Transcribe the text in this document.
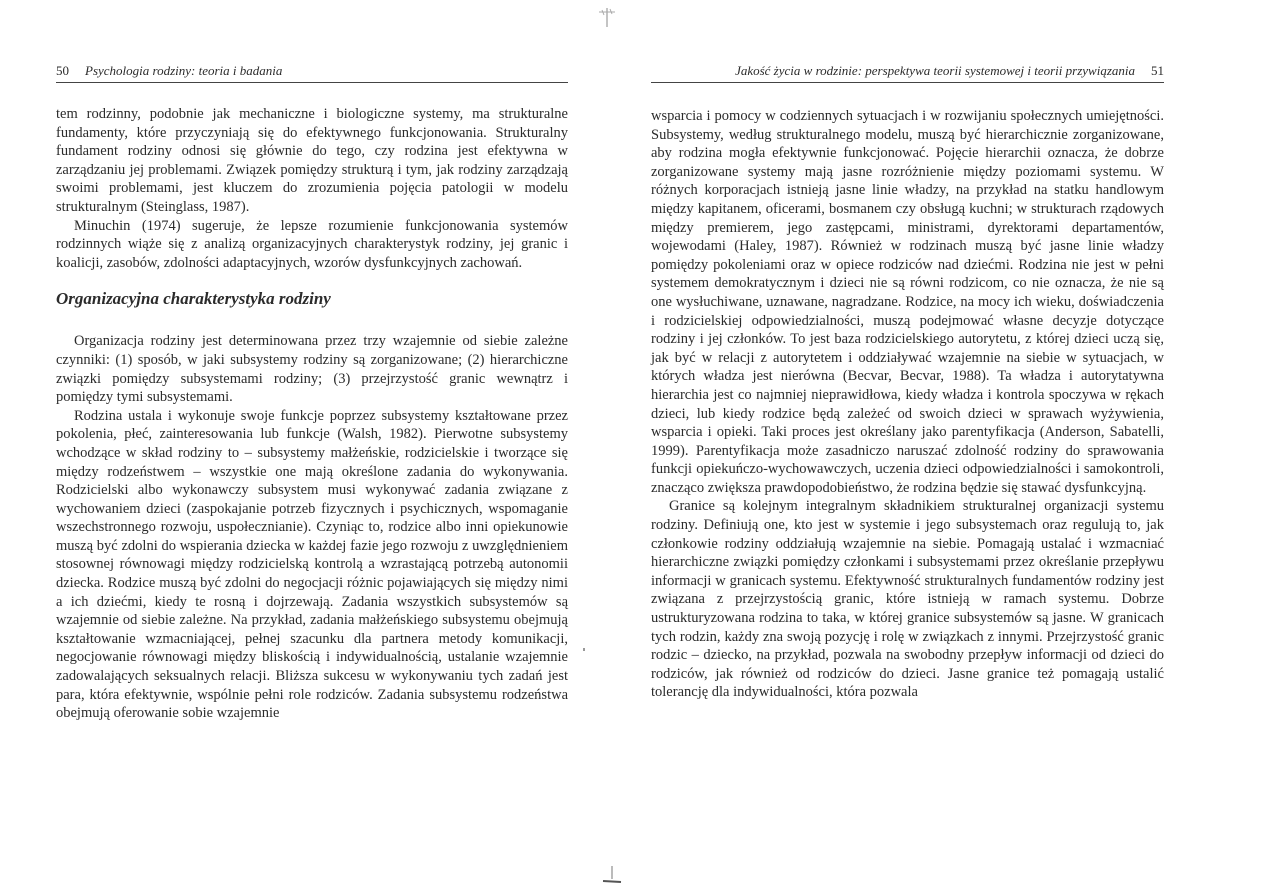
50 Psychologia rodziny: teoria i badania

tem rodzinny, podobnie jak mechaniczne i biologiczne systemy, ma strukturalne fundamenty, które przyczyniają się do efektywnego funkcjonowania. Strukturalny fundament rodziny odnosi się głównie do tego, czy rodzina jest efektywna w zarządzaniu jej problemami. Związek pomiędzy strukturą i tym, jak rodziny zarządzają swoimi problemami, jest kluczem do zrozumienia pojęcia patologii w modelu strukturalnym (Steinglass, 1987).

Minuchin (1974) sugeruje, że lepsze rozumienie funkcjonowania systemów rodzinnych wiąże się z analizą organizacyjnych charakterystyk rodziny, jej granic i koalicji, zasobów, zdolności adaptacyjnych, wzorów dysfunkcyjnych zachowań.

Organizacyjna charakterystyka rodziny

Organizacja rodziny jest determinowana przez trzy wzajemnie od siebie zależne czynniki: (1) sposób, w jaki subsystemy rodziny są zorganizowane; (2) hierarchiczne związki pomiędzy subsystemami rodziny; (3) przejrzystość granic wewnątrz i pomiędzy tymi subsystemami.

Rodzina ustala i wykonuje swoje funkcje poprzez subsystemy kształtowane przez pokolenia, płeć, zainteresowania lub funkcje (Walsh, 1982). Pierwotne subsystemy wchodzące w skład rodziny to – subsystemy małżeńskie, rodzicielskie i tworzące się między rodzeństwem – wszystkie one mają określone zadania do wykonywania. Rodzicielski albo wykonawczy subsystem musi wykonywać zadania związane z wychowaniem dzieci (zaspokajanie potrzeb fizycznych i psychicznych, wspomaganie wszechstronnego rozwoju, uspołecznianie). Czyniąc to, rodzice albo inni opiekunowie muszą być zdolni do wspierania dziecka w każdej fazie jego rozwoju z uwzględnieniem stosownej równowagi między rodzicielską kontrolą a wzrastającą potrzebą autonomii dziecka. Rodzice muszą być zdolni do negocjacji różnic pojawiających się między nimi a ich dziećmi, kiedy te rosną i dojrzewają. Zadania wszystkich subsystemów są wzajemnie od siebie zależne. Na przykład, zadania małżeńskiego subsystemu obejmują kształtowanie wzmacniającej, pełnej szacunku dla partnera metody komunikacji, negocjowanie równowagi między bliskością i indywidualnością, ustalanie wzajemnie zadowalających seksualnych relacji. Bliższa sukcesu w wykonywaniu tych zadań jest para, która efektywnie, wspólnie pełni role rodziców. Zadania subsystemu rodzeństwa obejmują oferowanie sobie wzajemnie

Jakość życia w rodzinie: perspektywa teorii systemowej i teorii przywiązania 51

wsparcia i pomocy w codziennych sytuacjach i w rozwijaniu społecznych umiejętności. Subsystemy, według strukturalnego modelu, muszą być hierarchicznie zorganizowane, aby rodzina mogła efektywnie funkcjonować. Pojęcie hierarchii oznacza, że dobrze zorganizowane systemy mają jasne rozróżnienie między poziomami systemu. W różnych korporacjach istnieją jasne linie władzy, na przykład na statku handlowym między kapitanem, oficerami, bosmanem czy obsługą kuchni; w strukturach rządowych między premierem, jego zastępcami, ministrami, dyrektorami departamentów, wojewodami (Haley, 1987). Również w rodzinach muszą być jasne linie władzy pomiędzy pokoleniami oraz w opiece rodziców nad dziećmi. Rodzina nie jest w pełni systemem demokratycznym i dzieci nie są równi rodzicom, co nie oznacza, że nie są one wysłuchiwane, uznawane, nagradzane. Rodzice, na mocy ich wieku, doświadczenia i rodzicielskiej odpowiedzialności, muszą podejmować własne decyzje dotyczące rodziny i jej członków. To jest baza rodzicielskiego autorytetu, z której dzieci uczą się, jak być w relacji z autorytetem i oddziaływać wzajemnie na siebie w sytuacjach, w których władza jest nierówna (Becvar, Becvar, 1988). Ta władza i autorytatywna hierarchia jest co najmniej nieprawidłowa, kiedy władza i kontrola spoczywa w rękach dzieci, lub kiedy rodzice będą zależeć od swoich dzieci w sprawach wyżywienia, wsparcia i opieki. Taki proces jest określany jako parentyfikacja (Anderson, Sabatelli, 1999). Parentyfikacja może zasadniczo naruszać zdolność rodziny do sprawowania funkcji opiekuńczo-wychowawczych, uczenia dzieci odpowiedzialności i samokontroli, znacząco zwiększa prawdopodobieństwo, że rodzina będzie się stawać dysfunkcyjną.

Granice są kolejnym integralnym składnikiem strukturalnej organizacji systemu rodziny. Definiują one, kto jest w systemie i jego subsystemach oraz regulują to, jak członkowie rodziny oddziałują wzajemnie na siebie. Pomagają ustalać i wzmacniać hierarchiczne związki pomiędzy członkami i subsystemami przez określanie przepływu informacji w granicach systemu. Efektywność strukturalnych fundamentów rodziny jest związana z przejrzystością granic, które istnieją w ramach systemu. Dobrze ustrukturyzowana rodzina to taka, w której granice subsystemów są jasne. W granicach tych rodzin, każdy zna swoją pozycję i rolę w związkach z innymi. Przejrzystość granic rodzic – dziecko, na przykład, pozwala na swobodny przepływ informacji od dzieci do rodziców, jak również od rodziców do dzieci. Jasne granice też pomagają ustalić tolerancję dla indywidualności, która pozwala
